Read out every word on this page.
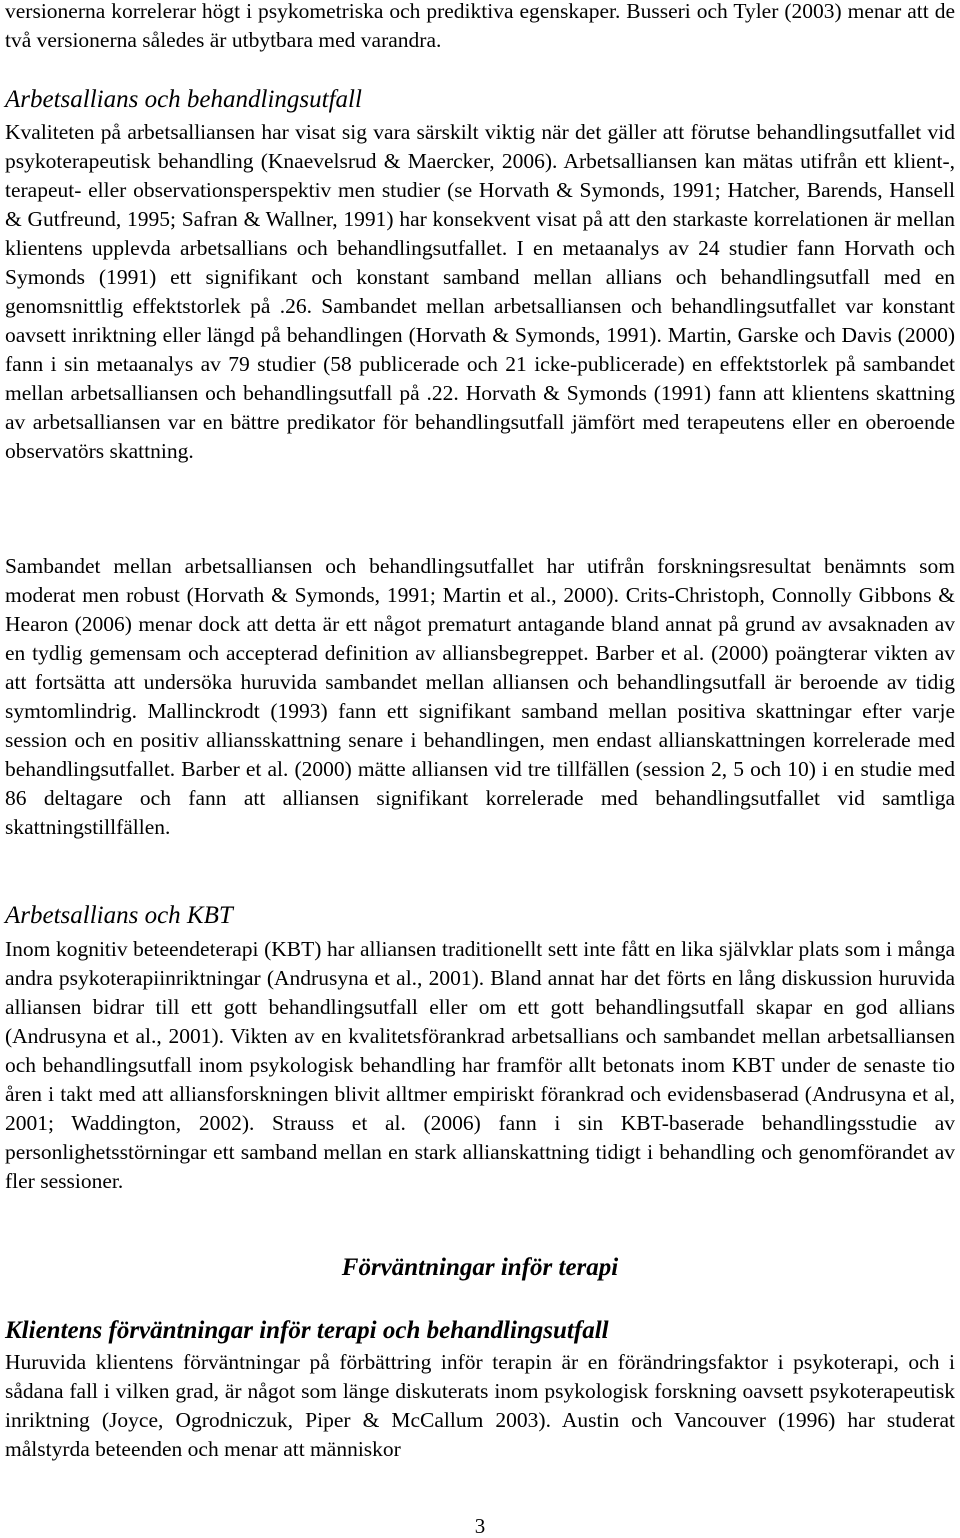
versionerna korrelerar högt i psykometriska och prediktiva egenskaper. Busseri och Tyler (2003) menar att de två versionerna således är utbytbara med varandra.

Arbetsallians och behandlingsutfall

Kvaliteten på arbetsalliansen har visat sig vara särskilt viktig när det gäller att förutse behandlingsutfallet vid psykoterapeutisk behandling (Knaevelsrud & Maercker, 2006). Arbetsalliansen kan mätas utifrån ett klient-, terapeut- eller observationsperspektiv men studier (se Horvath & Symonds, 1991; Hatcher, Barends, Hansell & Gutfreund, 1995; Safran & Wallner, 1991) har konsekvent visat på att den starkaste korrelationen är mellan klientens upplevda arbetsallians och behandlingsutfallet. I en metaanalys av 24 studier fann Horvath och Symonds (1991) ett signifikant och konstant samband mellan allians och behandlingsutfall med en genomsnittlig effektstorlek på .26. Sambandet mellan arbetsalliansen och behandlingsutfallet var konstant oavsett inriktning eller längd på behandlingen (Horvath & Symonds, 1991). Martin, Garske och Davis (2000) fann i sin metaanalys av 79 studier (58 publicerade och 21 icke-publicerade) en effektstorlek på sambandet mellan arbetsalliansen och behandlingsutfall på .22. Horvath & Symonds (1991) fann att klientens skattning av arbetsalliansen var en bättre predikator för behandlingsutfall jämfört med terapeutens eller en oberoende observatörs skattning.

Sambandet mellan arbetsalliansen och behandlingsutfallet har utifrån forskningsresultat benämnts som moderat men robust (Horvath & Symonds, 1991; Martin et al., 2000). Crits-Christoph, Connolly Gibbons & Hearon (2006) menar dock att detta är ett något prematurt antagande bland annat på grund av avsaknaden av en tydlig gemensam och accepterad definition av alliansbegreppet. Barber et al. (2000) poängterar vikten av att fortsätta att undersöka huruvida sambandet mellan alliansen och behandlingsutfall är beroende av tidig symtomlindrig. Mallinckrodt (1993) fann ett signifikant samband mellan positiva skattningar efter varje session och en positiv alliansskattning senare i behandlingen, men endast allianskattningen korrelerade med behandlingsutfallet. Barber et al. (2000) mätte alliansen vid tre tillfällen (session 2, 5 och 10) i en studie med 86 deltagare och fann att alliansen signifikant korrelerade med behandlingsutfallet vid samtliga skattningstillfällen.

Arbetsallians och KBT

Inom kognitiv beteendeterapi (KBT) har alliansen traditionellt sett inte fått en lika självklar plats som i många andra psykoterapiinriktningar (Andrusyna et al., 2001). Bland annat har det förts en lång diskussion huruvida alliansen bidrar till ett gott behandlingsutfall eller om ett gott behandlingsutfall skapar en god allians (Andrusyna et al., 2001). Vikten av en kvalitetsförankrad arbetsallians och sambandet mellan arbetsalliansen och behandlingsutfall inom psykologisk behandling har framför allt betonats inom KBT under de senaste tio åren i takt med att alliansforskningen blivit alltmer empiriskt förankrad och evidensbaserad (Andrusyna et al, 2001; Waddington, 2002). Strauss et al. (2006) fann i sin KBT-baserade behandlingsstudie av personlighetsstörningar ett samband mellan en stark allianskattning tidigt i behandling och genomförandet av fler sessioner.

Förväntningar inför terapi
Klientens förväntningar inför terapi och behandlingsutfall

Huruvida klientens förväntningar på förbättring inför terapin är en förändringsfaktor i psykoterapi, och i sådana fall i vilken grad, är något som länge diskuterats inom psykologisk forskning oavsett psykoterapeutisk inriktning (Joyce, Ogrodniczuk, Piper & McCallum 2003). Austin och Vancouver (1996) har studerat målstyrda beteenden och menar att människor

3
